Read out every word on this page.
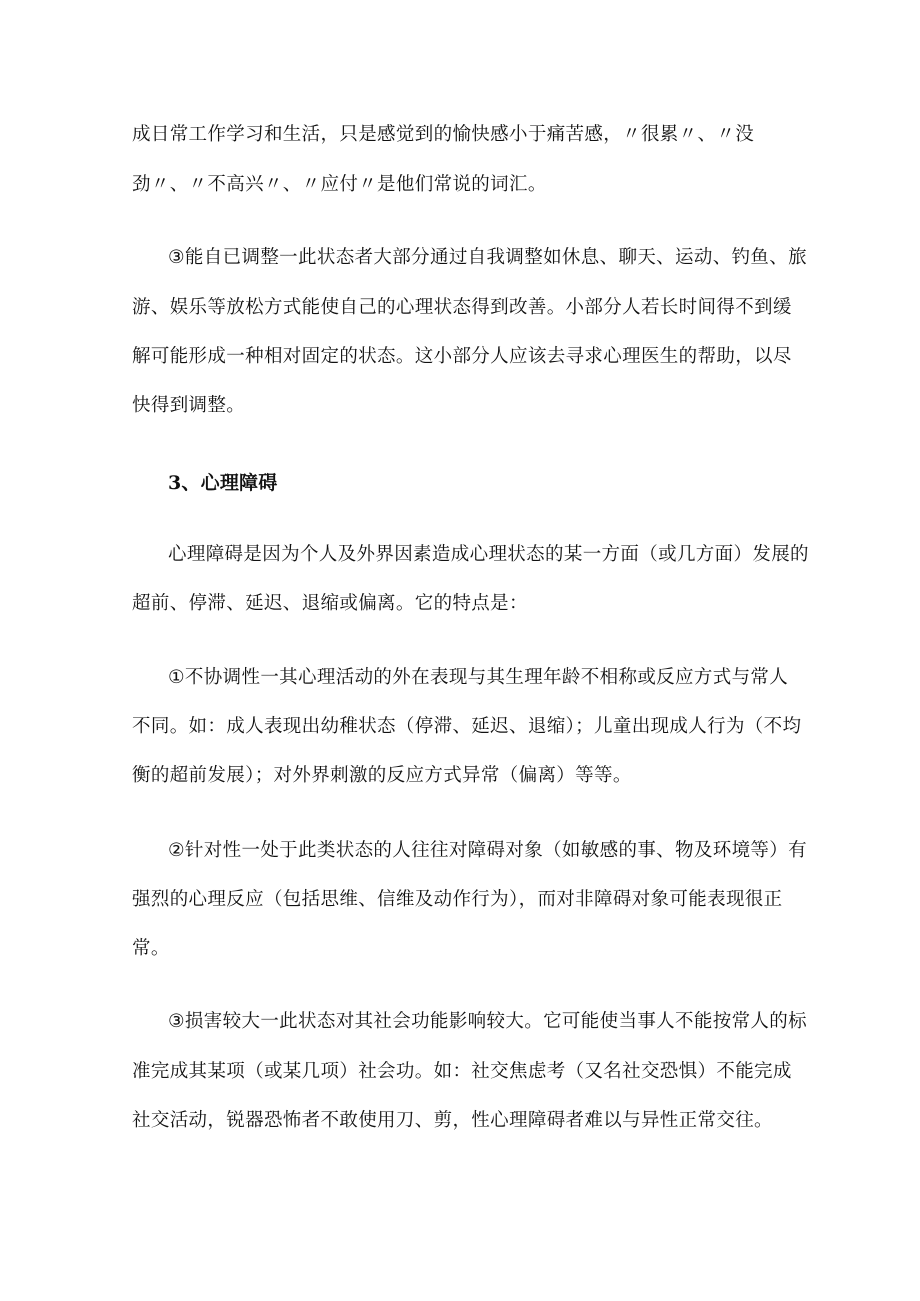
成日常工作学习和生活，只是感觉到的愉快感小于痛苦感，〃很累〃、〃没
劲〃、〃不高兴〃、〃应付〃是他们常说的词汇。
③能自已调整一此状态者大部分通过自我调整如休息、聊天、运动、钓鱼、旅
游、娱乐等放松方式能使自己的心理状态得到改善。小部分人若长时间得不到缓
解可能形成一种相对固定的状态。这小部分人应该去寻求心理医生的帮助，以尽
快得到调整。
3、心理障碍
心理障碍是因为个人及外界因素造成心理状态的某一方面（或几方面）发展的
超前、停滞、延迟、退缩或偏离。它的特点是：
①不协调性一其心理活动的外在表现与其生理年龄不相称或反应方式与常人
不同。如：成人表现出幼稚状态（停滞、延迟、退缩）；儿童出现成人行为（不均
衡的超前发展）；对外界刺激的反应方式异常（偏离）等等。
②针对性一处于此类状态的人往往对障碍对象（如敏感的事、物及环境等）有
强烈的心理反应（包括思维、信维及动作行为），而对非障碍对象可能表现很正
常。
③损害较大一此状态对其社会功能影响较大。它可能使当事人不能按常人的标
准完成其某项（或某几项）社会功。如：社交焦虑考（又名社交恐惧）不能完成
社交活动，锐器恐怖者不敢使用刀、剪，性心理障碍者难以与异性正常交往。
